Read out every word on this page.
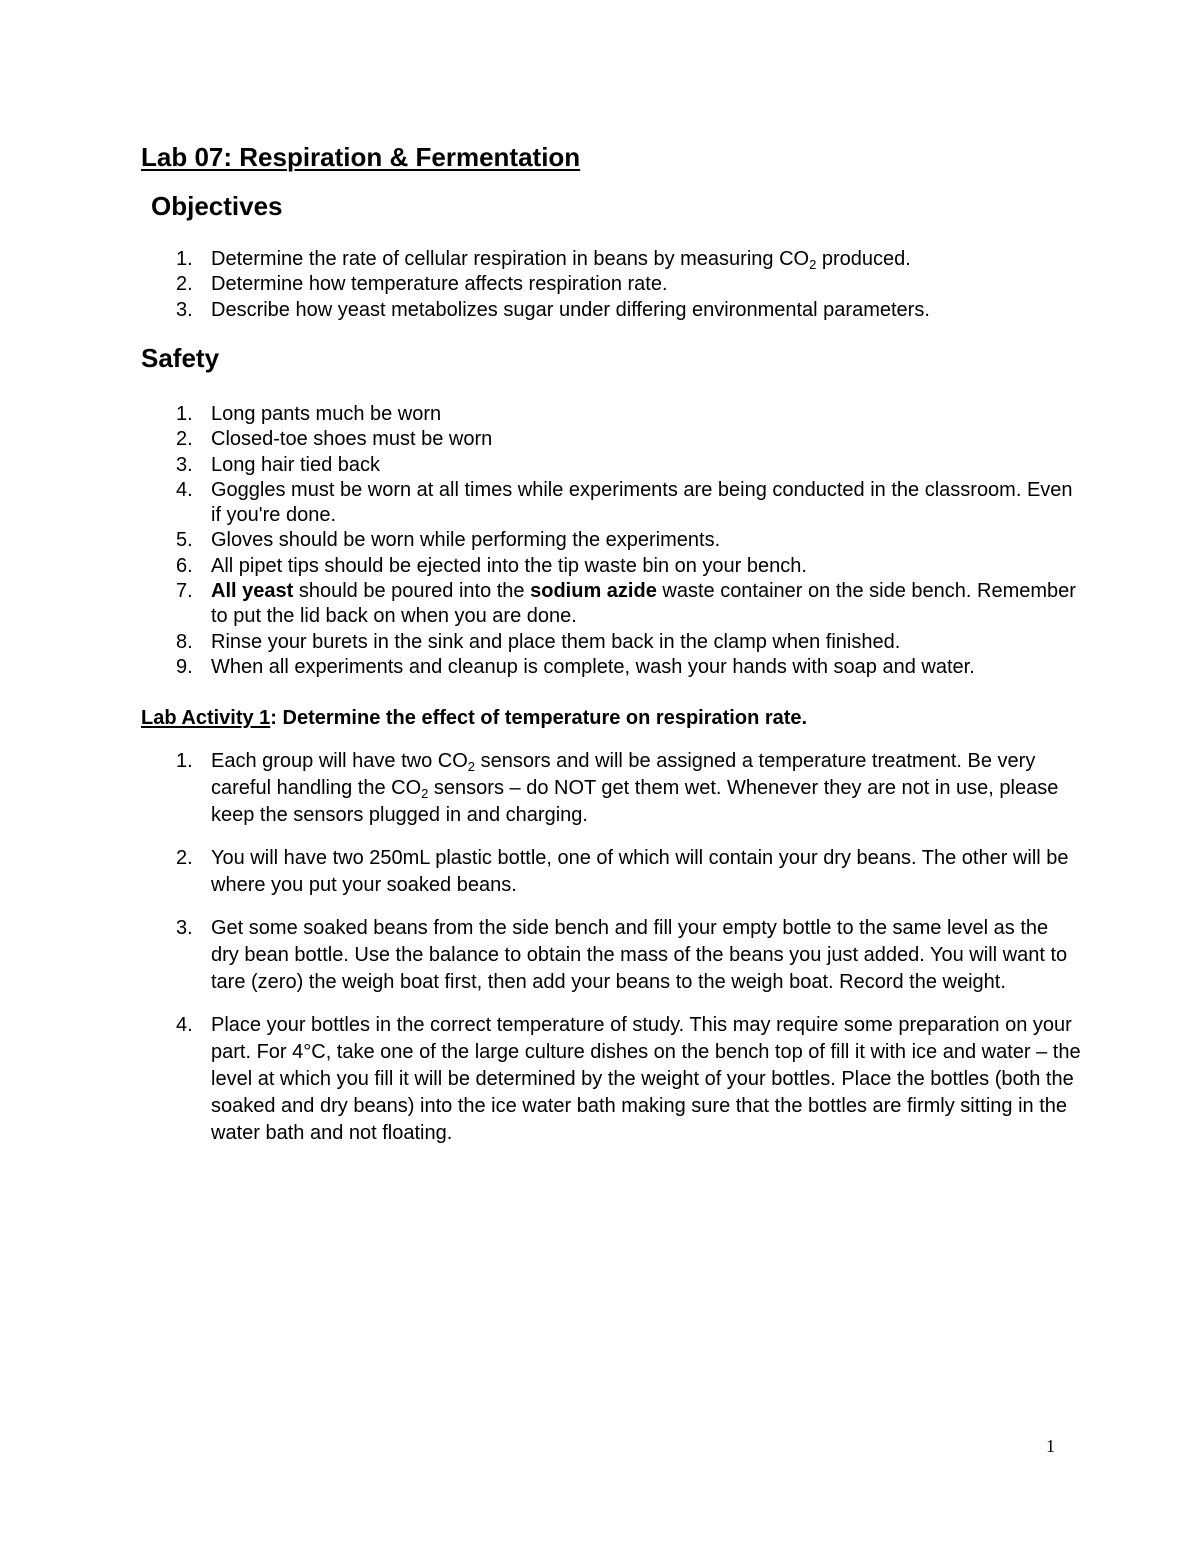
Lab 07: Respiration & Fermentation
Objectives
1. Determine the rate of cellular respiration in beans by measuring $CO_2$ produced.
2. Determine how temperature affects respiration rate.
3. Describe how yeast metabolizes sugar under differing environmental parameters.
Safety
1. Long pants much be worn
2. Closed-toe shoes must be worn
3. Long hair tied back
4. Goggles must be worn at all times while experiments are being conducted in the classroom. Even if you're done.
5. Gloves should be worn while performing the experiments.
6. All pipet tips should be ejected into the tip waste bin on your bench.
7. All yeast should be poured into the sodium azide waste container on the side bench. Remember to put the lid back on when you are done.
8. Rinse your burets in the sink and place them back in the clamp when finished.
9. When all experiments and cleanup is complete, wash your hands with soap and water.

Lab Activity 1: Determine the effect of temperature on respiration rate.

1. Each group will have two $CO_2$ sensors and will be assigned a temperature treatment. Be very careful handling the $CO_2$ sensors – do NOT get them wet. Whenever they are not in use, please keep the sensors plugged in and charging.
2. You will have two 250mL plastic bottle, one of which will contain your dry beans. The other will be where you put your soaked beans.
3. Get some soaked beans from the side bench and fill your empty bottle to the same level as the dry bean bottle. Use the balance to obtain the mass of the beans you just added. You will want to tare (zero) the weigh boat first, then add your beans to the weigh boat. Record the weight.
4. Place your bottles in the correct temperature of study. This may require some preparation on your part. For 4°C, take one of the large culture dishes on the bench top of fill it with ice and water – the level at which you fill it will be determined by the weight of your bottles. Place the bottles (both the soaked and dry beans) into the ice water bath making sure that the bottles are firmly sitting in the water bath and not floating.
1
